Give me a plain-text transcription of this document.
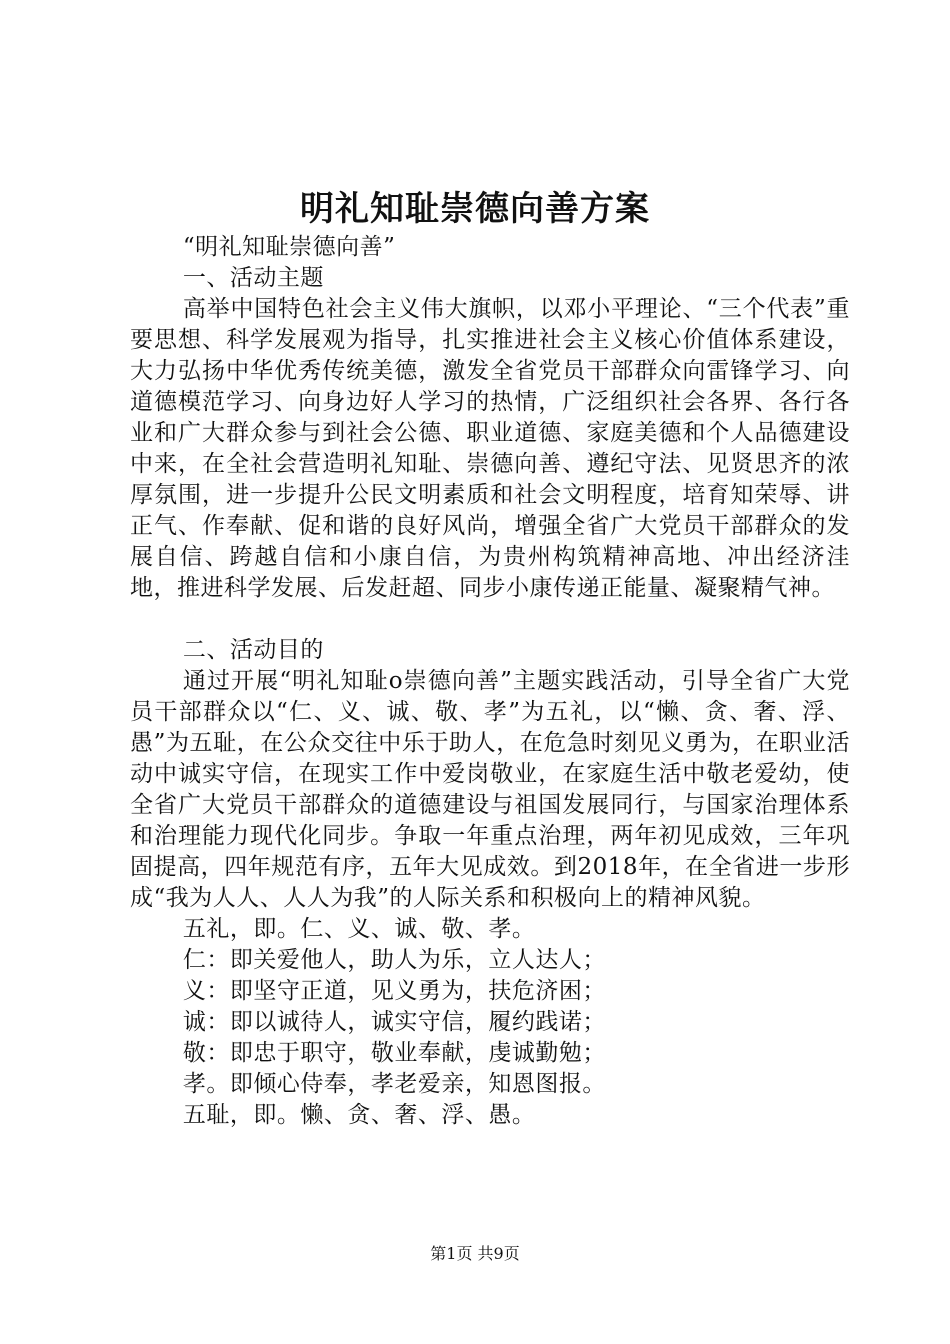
明礼知耻崇德向善方案

“明礼知耻崇德向善”

一、活动主题

高举中国特色社会主义伟大旗帜，以邓小平理论、“三个代表”重要思想、科学发展观为指导，扎实推进社会主义核心价值体系建设，大力弘扬中华优秀传统美德，激发全省党员干部群众向雷锋学习、向道德模范学习、向身边好人学习的热情，广泛组织社会各界、各行各业和广大群众参与到社会公德、职业道德、家庭美德和个人品德建设中来，在全社会营造明礼知耻、崇德向善、遵纪守法、见贤思齐的浓厚氛围，进一步提升公民文明素质和社会文明程度，培育知荣辱、讲正气、作奉献、促和谐的良好风尚，增强全省广大党员干部群众的发展自信、跨越自信和小康自信，为贵州构筑精神高地、冲出经济洼地，推进科学发展、后发赶超、同步小康传递正能量、凝聚精气神。

二、活动目的

通过开展“明礼知耻o崇德向善”主题实践活动，引导全省广大党员干部群众以“仁、义、诚、敬、孝”为五礼，以“懒、贪、奢、浮、愚”为五耻，在公众交往中乐于助人，在危急时刻见义勇为，在职业活动中诚实守信，在现实工作中爱岗敬业，在家庭生活中敬老爱幼，使全省广大党员干部群众的道德建设与祖国发展同行，与国家治理体系和治理能力现代化同步。争取一年重点治理，两年初见成效，三年巩固提高，四年规范有序，五年大见成效。到2018年，在全省进一步形成“我为人人、人人为我”的人际关系和积极向上的精神风貌。

五礼，即。仁、义、诚、敬、孝。

仁：即关爱他人，助人为乐，立人达人；

义：即坚守正道，见义勇为，扶危济困；

诚：即以诚待人，诚实守信，履约践诺；

敬：即忠于职守，敬业奉献，虔诚勤勉；

孝。即倾心侍奉，孝老爱亲，知恩图报。

五耻，即。懒、贪、奢、浮、愚。

第1页 共9页
